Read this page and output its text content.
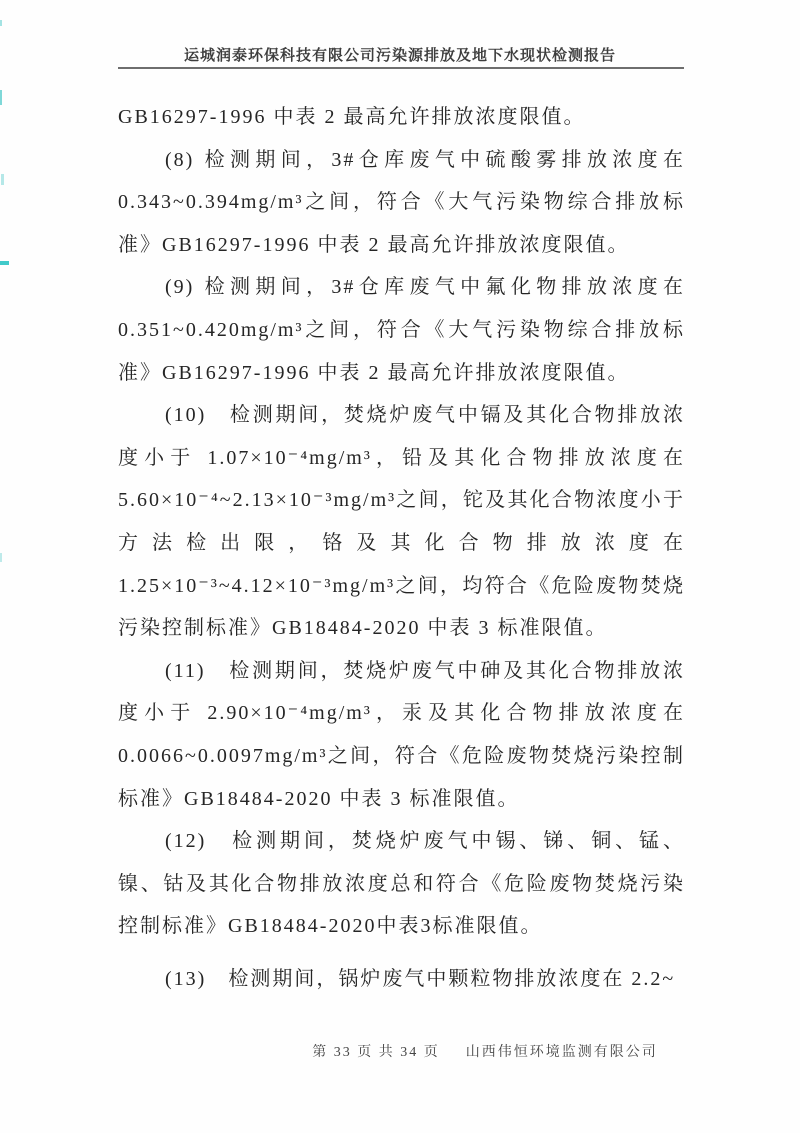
运城润泰环保科技有限公司污染源排放及地下水现状检测报告

GB16297-1996 中表 2 最高允许排放浓度限值。

(8) 检测期间，3#仓库废气中硫酸雾排放浓度在 0.343~0.394mg/m³之间，符合《大气污染物综合排放标准》GB16297-1996 中表 2 最高允许排放浓度限值。

(9) 检测期间，3#仓库废气中氟化物排放浓度在 0.351~0.420mg/m³之间，符合《大气污染物综合排放标准》GB16297-1996 中表 2 最高允许排放浓度限值。

(10)　检测期间，焚烧炉废气中镉及其化合物排放浓度小于 1.07×10⁻⁴mg/m³，铅及其化合物排放浓度在 5.60×10⁻⁴~2.13×10⁻³mg/m³之间，铊及其化合物浓度小于方法检出限，铬及其化合物排放浓度在 1.25×10⁻³~4.12×10⁻³mg/m³之间，均符合《危险废物焚烧污染控制标准》GB18484-2020 中表 3 标准限值。

(11)　检测期间，焚烧炉废气中砷及其化合物排放浓度小于 2.90×10⁻⁴mg/m³，汞及其化合物排放浓度在 0.0066~0.0097mg/m³之间，符合《危险废物焚烧污染控制标准》GB18484-2020 中表 3 标准限值。

(12)　检测期间，焚烧炉废气中锡、锑、铜、锰、镍、钴及其化合物排放浓度总和符合《危险废物焚烧污染控制标准》GB18484-2020中表3标准限值。

(13)　检测期间，锅炉废气中颗粒物排放浓度在 2.2~

第 33 页 共 34 页 山西伟恒环境监测有限公司
